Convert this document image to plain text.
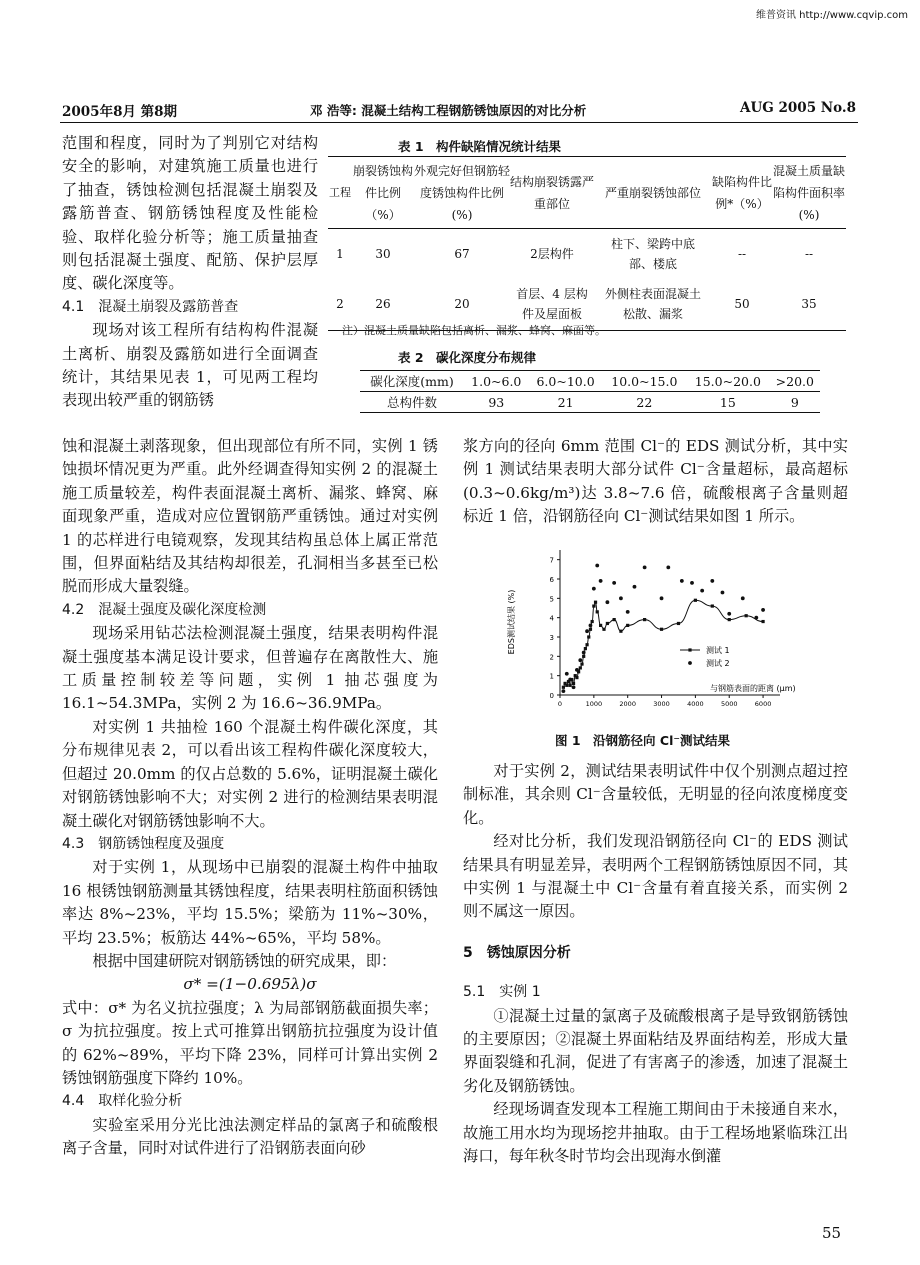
维普资讯 http://www.cqvip.com
2005年8月 第8期	邓 浩等: 混凝土结构工程钢筋锈蚀原因的对比分析	AUG 2005 No.8

范围和程度，同时为了判别它对结构安全的影响，对建筑施工质量也进行了抽查，锈蚀检测包括混凝土崩裂及露筋普查、钢筋锈蚀程度及性能检验、取样化验分析等；施工质量抽查则包括混凝土强度、配筋、保护层厚度、碳化深度等。

4.1　混凝土崩裂及露筋普查

现场对该工程所有结构构件混凝土离析、崩裂及露筋如进行全面调查统计，其结果见表 1，可见两工程均表现出较严重的钢筋锈

蚀和混凝土剥落现象，但出现部位有所不同，实例 1 锈蚀损坏情况更为严重。此外经调查得知实例 2 的混凝土施工质量较差，构件表面混凝土离析、漏浆、蜂窝、麻面现象严重，造成对应位置钢筋严重锈蚀。通过对实例 1 的芯样进行电镜观察，发现其结构虽总体上属正常范围，但界面粘结及其结构却很差，孔洞相当多甚至已松脱而形成大量裂缝。

4.2　混凝土强度及碳化深度检测

现场采用钻芯法检测混凝土强度，结果表明构件混凝土强度基本满足设计要求，但普遍存在离散性大、施工质量控制较差等问题，实例 1 抽芯强度为 16.1~54.3MPa，实例 2 为 16.6~36.9MPa。

对实例 1 共抽检 160 个混凝土构件碳化深度，其分布规律见表 2，可以看出该工程构件碳化深度较大，但超过 20.0mm 的仅占总数的 5.6%，证明混凝土碳化对钢筋锈蚀影响不大；对实例 2 进行的检测结果表明混凝土碳化对钢筋锈蚀影响不大。

4.3　钢筋锈蚀程度及强度

对于实例 1，从现场中已崩裂的混凝土构件中抽取 16 根锈蚀钢筋测量其锈蚀程度，结果表明柱筋面积锈蚀率达 8%~23%，平均 15.5%；梁筋为 11%~30%，平均 23.5%；板筋达 44%~65%，平均 58%。

根据中国建研院对钢筋锈蚀的研究成果，即：

σ* =(1−0.695λ)σ

式中：σ* 为名义抗拉强度；λ 为局部钢筋截面损失率；σ 为抗拉强度。按上式可推算出钢筋抗拉强度为设计值的 62%~89%，平均下降 23%，同样可计算出实例 2 锈蚀钢筋强度下降约 10%。

4.4　取样化验分析

实验室采用分光比浊法测定样品的氯离子和硫酸根离子含量，同时对试件进行了沿钢筋表面向砂

表 1　构件缺陷情况统计结果
工程	崩裂锈蚀构件比例（%）	外观完好但钢筋轻度锈蚀构件比例(%)	结构崩裂锈露严重部位	严重崩裂锈蚀部位	缺陷构件比例*（%）	混凝土质量缺陷构件面积率(%)
1	30	67	2层构件	柱下、梁跨中底部、楼底	--	--
2	26	20	首层、4 层构件及屋面板	外侧柱表面混凝土松散、漏浆	50	35
注）混凝土质量缺陷包括离析、漏浆、蜂窝、麻面等。
表 2　碳化深度分布规律
碳化深度(mm)	1.0~6.0	6.0~10.0	10.0~15.0	15.0~20.0	>20.0
总构件数	93	21	22	15	9

浆方向的径向 6mm 范围 Cl⁻的 EDS 测试分析，其中实例 1 测试结果表明大部分试件 Cl⁻含量超标，最高超标(0.3~0.6kg/m³)达 3.8~7.6 倍，硫酸根离子含量则超标近 1 倍，沿钢筋径向 Cl⁻测试结果如图 1 所示。

0
1
2
3
4
5
6
7
0	1000	2000	3000	4000	5000	6000
与钢筋表面的距离 (μm)
EDS测试结果 (%)	测试 1
测试 2
图 1　沿钢筋径向 Cl⁻测试结果

对于实例 2，测试结果表明试件中仅个别测点超过控制标准，其余则 Cl⁻含量较低，无明显的径向浓度梯度变化。

经对比分析，我们发现沿钢筋径向 Cl⁻的 EDS 测试结果具有明显差异，表明两个工程钢筋锈蚀原因不同，其中实例 1 与混凝土中 Cl⁻含量有着直接关系，而实例 2 则不属这一原因。

5　锈蚀原因分析

5.1　实例 1

①混凝土过量的氯离子及硫酸根离子是导致钢筋锈蚀的主要原因；②混凝土界面粘结及界面结构差，形成大量界面裂缝和孔洞，促进了有害离子的渗透，加速了混凝土劣化及钢筋锈蚀。

经现场调查发现本工程施工期间由于未接通自来水，故施工用水均为现场挖井抽取。由于工程场地紧临珠江出海口，每年秋冬时节均会出现海水倒灌

55
